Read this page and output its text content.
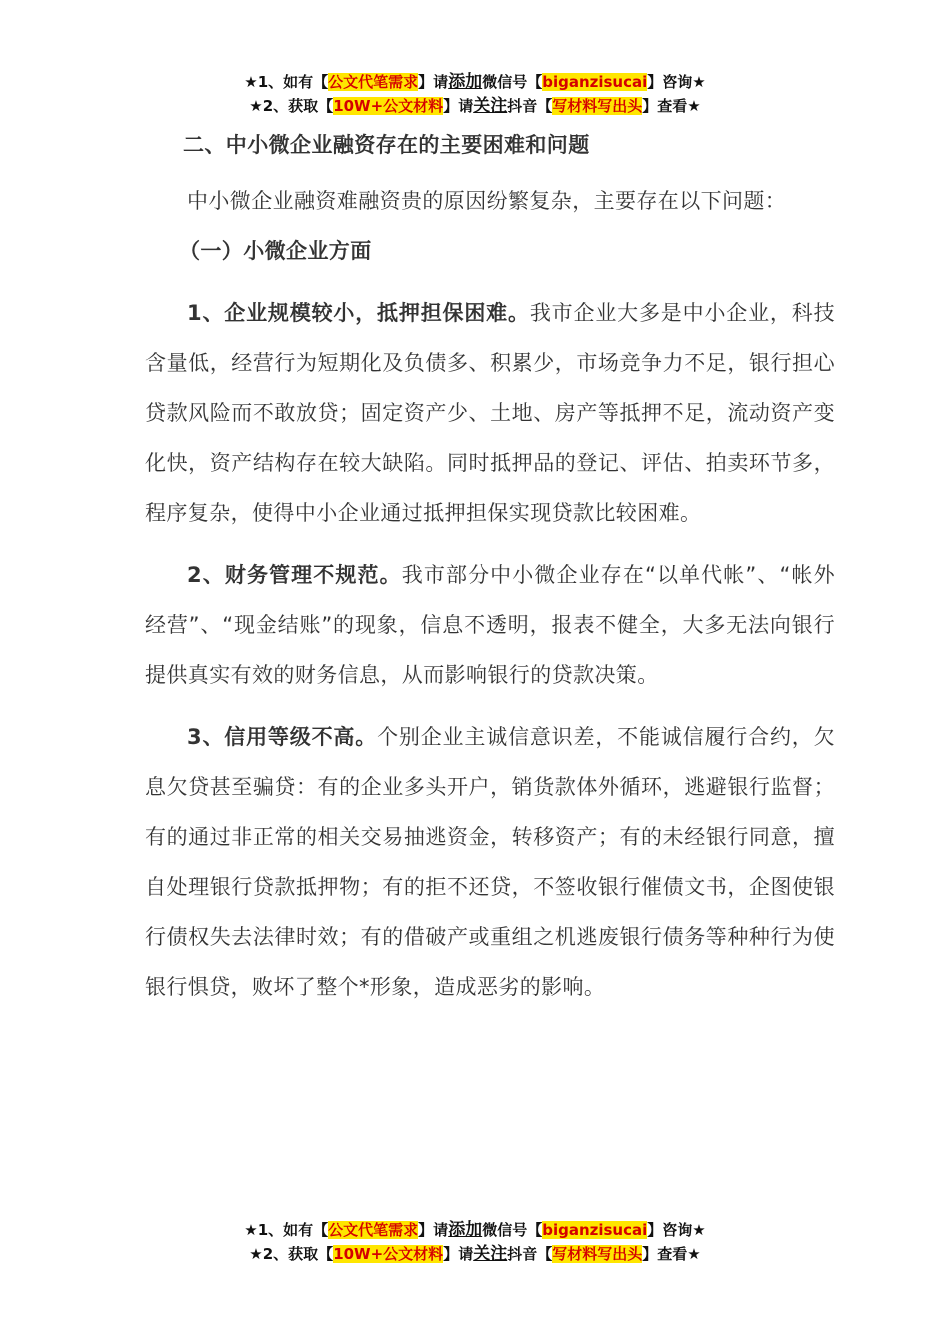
★1、如有【公文代笔需求】请添加微信号【biganzisucai】咨询★
★2、获取【10W+公文材料】请关注抖音【写材料写出头】查看★
二、中小微企业融资存在的主要困难和问题

中小微企业融资难融资贵的原因纷繁复杂，主要存在以下问题：

（一）小微企业方面

1、企业规模较小，抵押担保困难。我市企业大多是中小企业，科技含量低，经营行为短期化及负债多、积累少，市场竞争力不足，银行担心贷款风险而不敢放贷；固定资产少、土地、房产等抵押不足，流动资产变化快，资产结构存在较大缺陷。同时抵押品的登记、评估、拍卖环节多，程序复杂，使得中小企业通过抵押担保实现贷款比较困难。

2、财务管理不规范。我市部分中小微企业存在“以单代帐”、“帐外经营”、“现金结账”的现象，信息不透明，报表不健全，大多无法向银行提供真实有效的财务信息，从而影响银行的贷款决策。

3、信用等级不高。个别企业主诚信意识差，不能诚信履行合约，欠息欠贷甚至骗贷：有的企业多头开户，销货款体外循环，逃避银行监督；有的通过非正常的相关交易抽逃资金，转移资产；有的未经银行同意，擅自处理银行贷款抵押物；有的拒不还贷，不签收银行催债文书，企图使银行债权失去法律时效；有的借破产或重组之机逃废银行债务等种种行为使银行惧贷，败坏了整个*形象，造成恶劣的影响。

★1、如有【公文代笔需求】请添加微信号【biganzisucai】咨询★
★2、获取【10W+公文材料】请关注抖音【写材料写出头】查看★
